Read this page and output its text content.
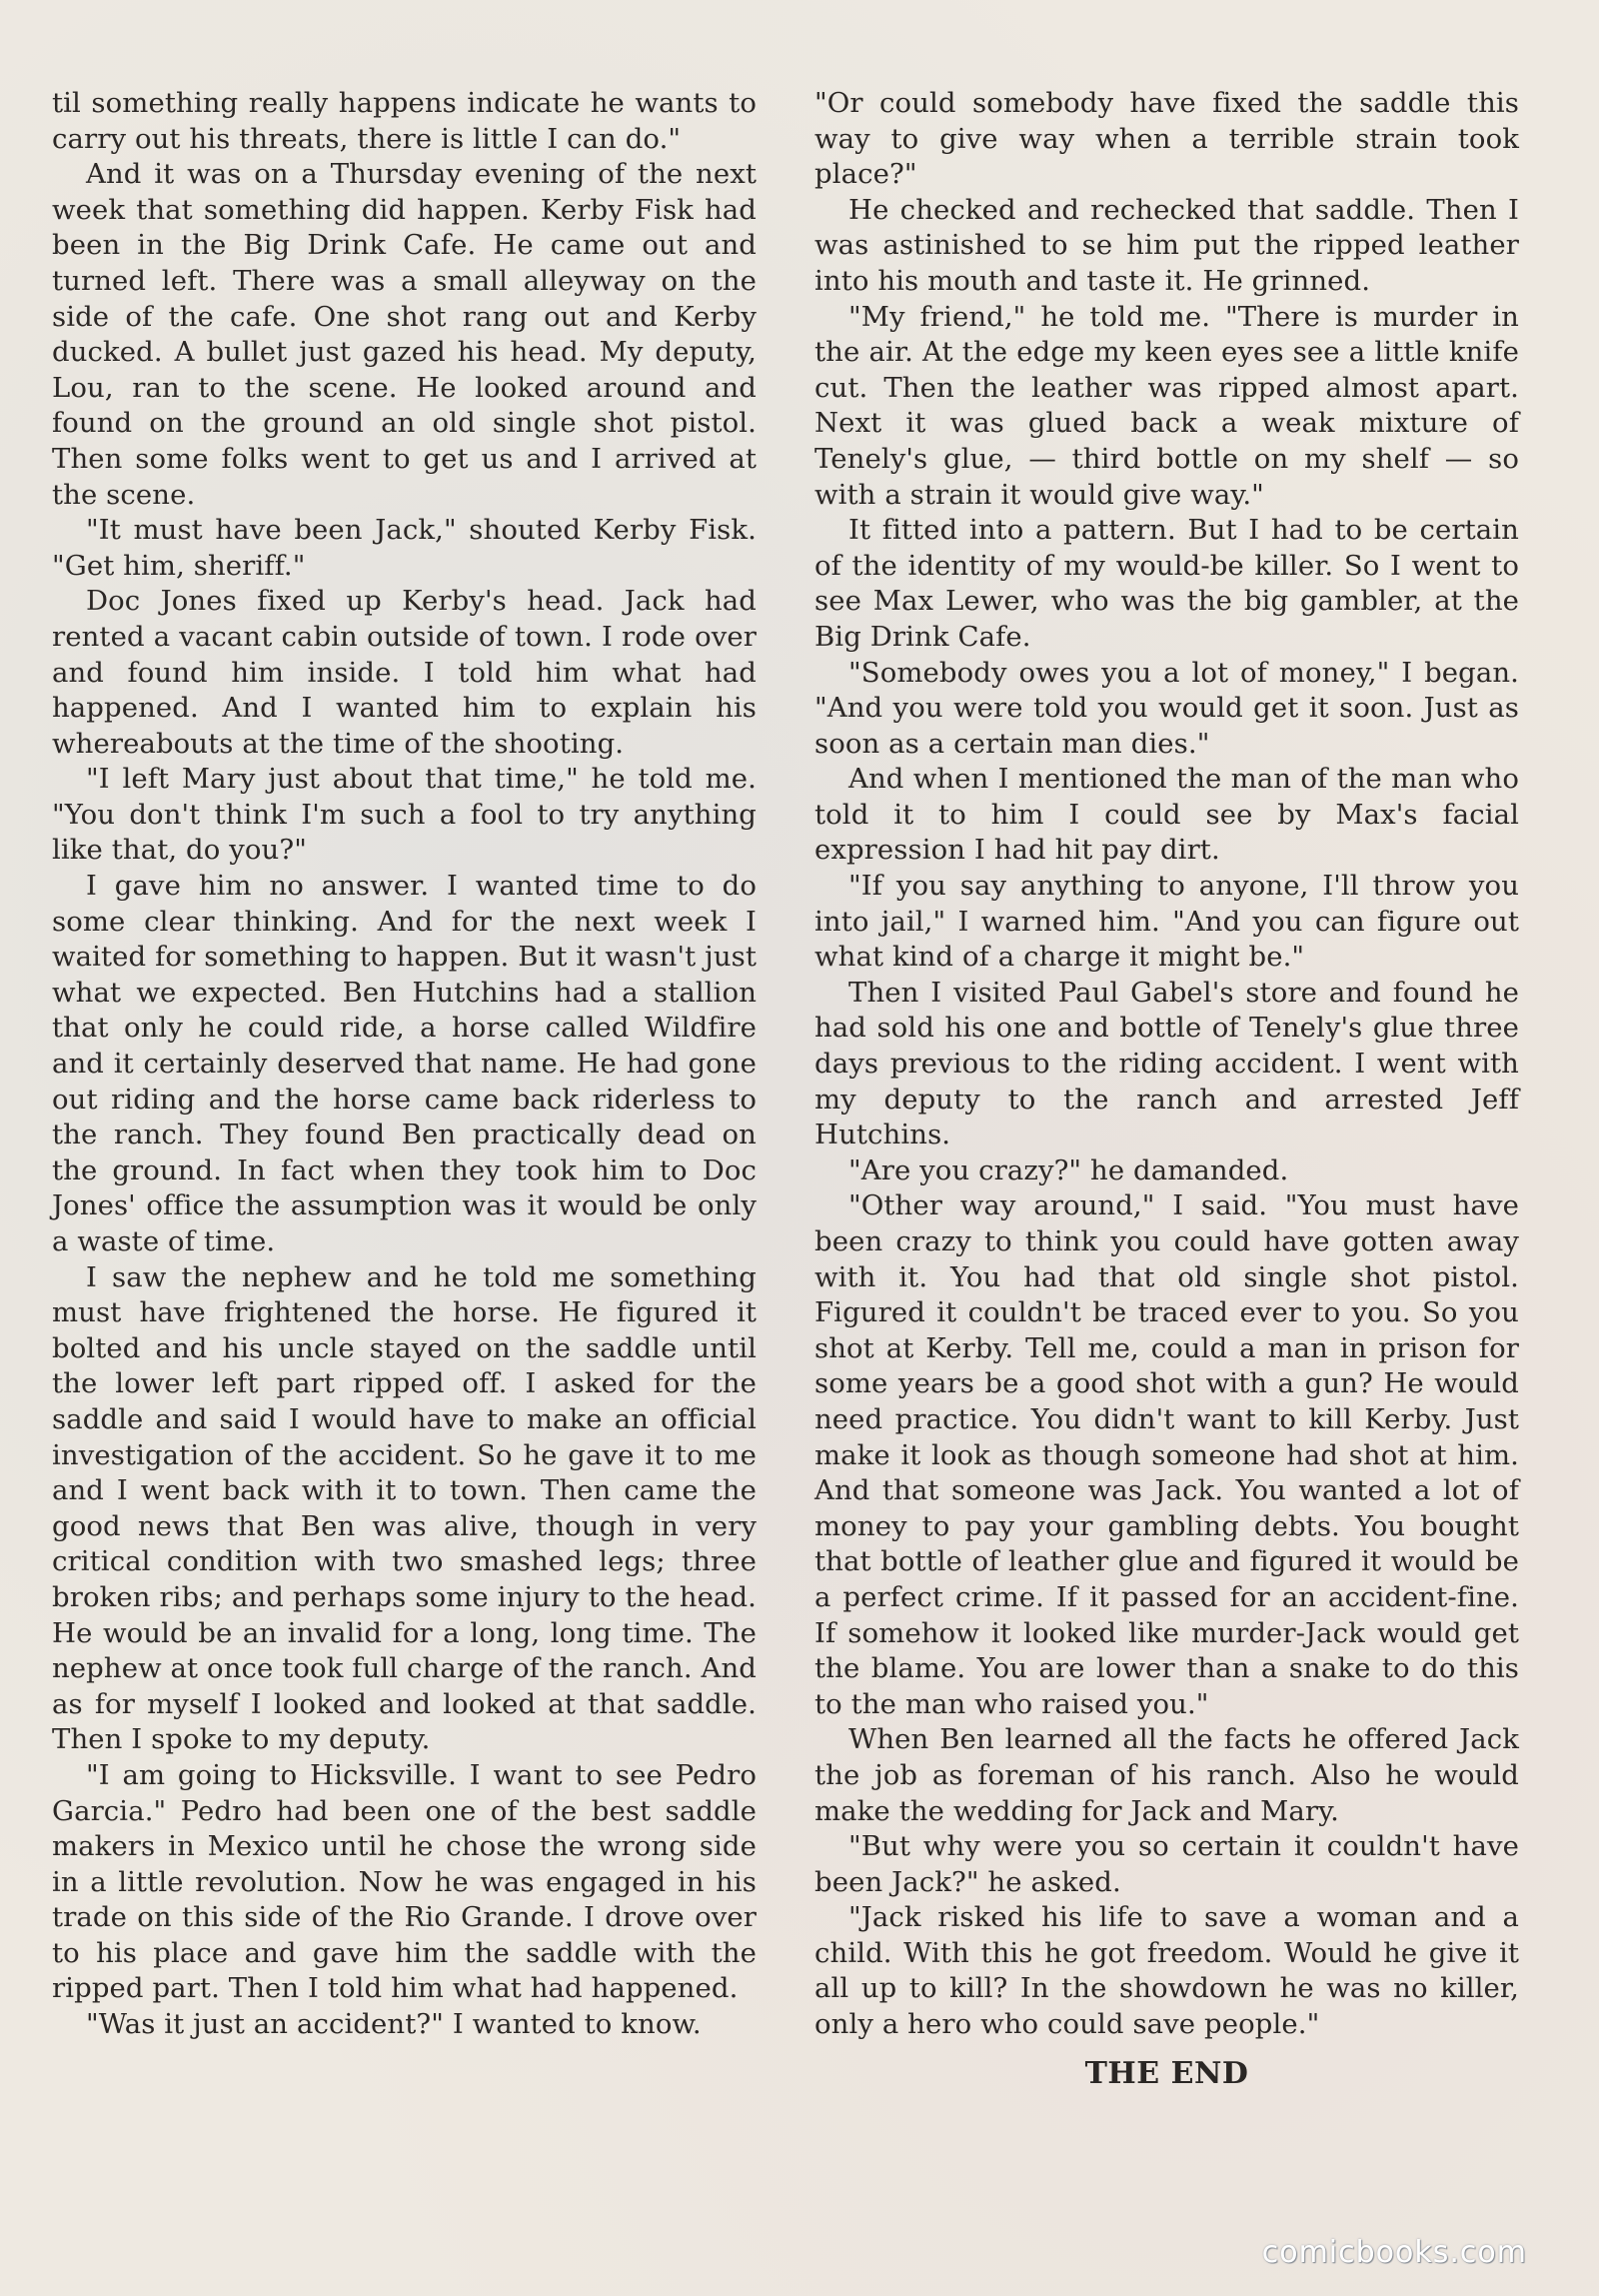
til something really happens indicate he wants to carry out his threats, there is little I can do."

And it was on a Thursday evening of the next week that something did happen. Kerby Fisk had been in the Big Drink Cafe. He came out and turned left. There was a small alleyway on the side of the cafe. One shot rang out and Kerby ducked. A bullet just gazed his head. My deputy, Lou, ran to the scene. He looked around and found on the ground an old single shot pistol. Then some folks went to get us and I arrived at the scene.

"It must have been Jack," shouted Kerby Fisk. "Get him, sheriff."

Doc Jones fixed up Kerby's head. Jack had rented a vacant cabin outside of town. I rode over and found him inside. I told him what had happened. And I wanted him to explain his whereabouts at the time of the shooting.

"I left Mary just about that time," he told me. "You don't think I'm such a fool to try anything like that, do you?"

I gave him no answer. I wanted time to do some clear thinking. And for the next week I waited for something to happen. But it wasn't just what we expected. Ben Hutchins had a stallion that only he could ride, a horse called Wildfire and it certainly deserved that name. He had gone out riding and the horse came back riderless to the ranch. They found Ben practically dead on the ground. In fact when they took him to Doc Jones' office the assumption was it would be only a waste of time.

I saw the nephew and he told me something must have frightened the horse. He figured it bolted and his uncle stayed on the saddle until the lower left part ripped off. I asked for the saddle and said I would have to make an official investigation of the accident. So he gave it to me and I went back with it to town. Then came the good news that Ben was alive, though in very critical condition with two smashed legs; three broken ribs; and perhaps some injury to the head. He would be an invalid for a long, long time. The nephew at once took full charge of the ranch. And as for myself I looked and looked at that saddle. Then I spoke to my deputy.

"I am going to Hicksville. I want to see Pedro Garcia." Pedro had been one of the best saddle makers in Mexico until he chose the wrong side in a little revolution. Now he was engaged in his trade on this side of the Rio Grande. I drove over to his place and gave him the saddle with the ripped part. Then I told him what had happened.

"Was it just an accident?" I wanted to know.

"Or could somebody have fixed the saddle this way to give way when a terrible strain took place?"

He checked and rechecked that saddle. Then I was astinished to se him put the ripped leather into his mouth and taste it. He grinned.

"My friend," he told me. "There is murder in the air. At the edge my keen eyes see a little knife cut. Then the leather was ripped almost apart. Next it was glued back a weak mixture of Tenely's glue, — third bottle on my shelf — so with a strain it would give way."

It fitted into a pattern. But I had to be certain of the identity of my would-be killer. So I went to see Max Lewer, who was the big gambler, at the Big Drink Cafe.

"Somebody owes you a lot of money," I began. "And you were told you would get it soon. Just as soon as a certain man dies."

And when I mentioned the man of the man who told it to him I could see by Max's facial expression I had hit pay dirt.

"If you say anything to anyone, I'll throw you into jail," I warned him. "And you can figure out what kind of a charge it might be."

Then I visited Paul Gabel's store and found he had sold his one and bottle of Tenely's glue three days previous to the riding accident. I went with my deputy to the ranch and arrested Jeff Hutchins.

"Are you crazy?" he damanded.

"Other way around," I said. "You must have been crazy to think you could have gotten away with it. You had that old single shot pistol. Figured it couldn't be traced ever to you. So you shot at Kerby. Tell me, could a man in prison for some years be a good shot with a gun? He would need practice. You didn't want to kill Kerby. Just make it look as though someone had shot at him. And that someone was Jack. You wanted a lot of money to pay your gambling debts. You bought that bottle of leather glue and figured it would be a perfect crime. If it passed for an accident-fine. If somehow it looked like murder-Jack would get the blame. You are lower than a snake to do this to the man who raised you."

When Ben learned all the facts he offered Jack the job as foreman of his ranch. Also he would make the wedding for Jack and Mary.

"But why were you so certain it couldn't have been Jack?" he asked.

"Jack risked his life to save a woman and a child. With this he got freedom. Would he give it all up to kill? In the showdown he was no killer, only a hero who could save people."

THE END
comicbooks.com
